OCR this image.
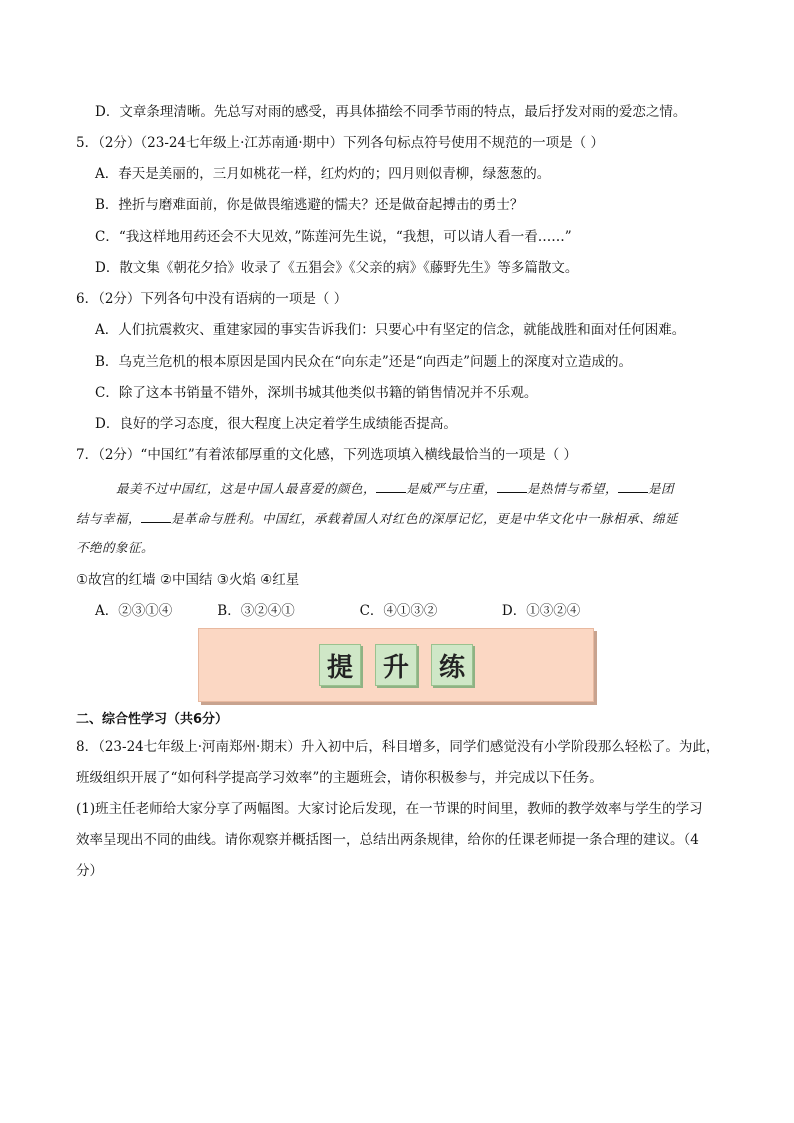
D．文章条理清晰。先总写对雨的感受，再具体描绘不同季节雨的特点，最后抒发对雨的爱恋之情。
5．（2分）（23-24七年级上·江苏南通·期中）下列各句标点符号使用不规范的一项是（ ）
A．春天是美丽的，三月如桃花一样，红灼灼的；四月则似青柳，绿葱葱的。
B．挫折与磨难面前，你是做畏缩逃避的懦夫？还是做奋起搏击的勇士？
C．“我这样地用药还会不大见效，”陈莲河先生说，“我想，可以请人看一看……”
D．散文集《朝花夕拾》收录了《五猖会》《父亲的病》《藤野先生》等多篇散文。
6．（2分）下列各句中没有语病的一项是（ ）
A．人们抗震救灾、重建家园的事实告诉我们：只要心中有坚定的信念，就能战胜和面对任何困难。
B．乌克兰危机的根本原因是国内民众在“向东走”还是“向西走”问题上的深度对立造成的。
C．除了这本书销量不错外，深圳书城其他类似书籍的销售情况并不乐观。
D．良好的学习态度，很大程度上决定着学生成绩能否提高。
7．（2分）“中国红”有着浓郁厚重的文化感，下列选项填入横线最恰当的一项是（ ）
最美不过中国红，这是中国人最喜爱的颜色， 是威严与庄重， 是热情与希望， 是团
结与幸福， 是革命与胜利。中国红，承载着国人对红色的深厚记忆，更是中华文化中一脉相承、绵延
不绝的象征。
①故宫的红墙 ②中国结 ③火焰 ④红星
A．②③①④	B．③②④①	C．④①③②	D．①③②④
提	升	练
二、综合性学习（共6分）
8．（23-24七年级上·河南郑州·期末）升入初中后，科目增多，同学们感觉没有小学阶段那么轻松了。为此，
班级组织开展了“如何科学提高学习效率”的主题班会，请你积极参与，并完成以下任务。
(1)班主任老师给大家分享了两幅图。大家讨论后发现，在一节课的时间里，教师的教学效率与学生的学习
效率呈现出不同的曲线。请你观察并概括图一，总结出两条规律，给你的任课老师提一条合理的建议。（4
分）
